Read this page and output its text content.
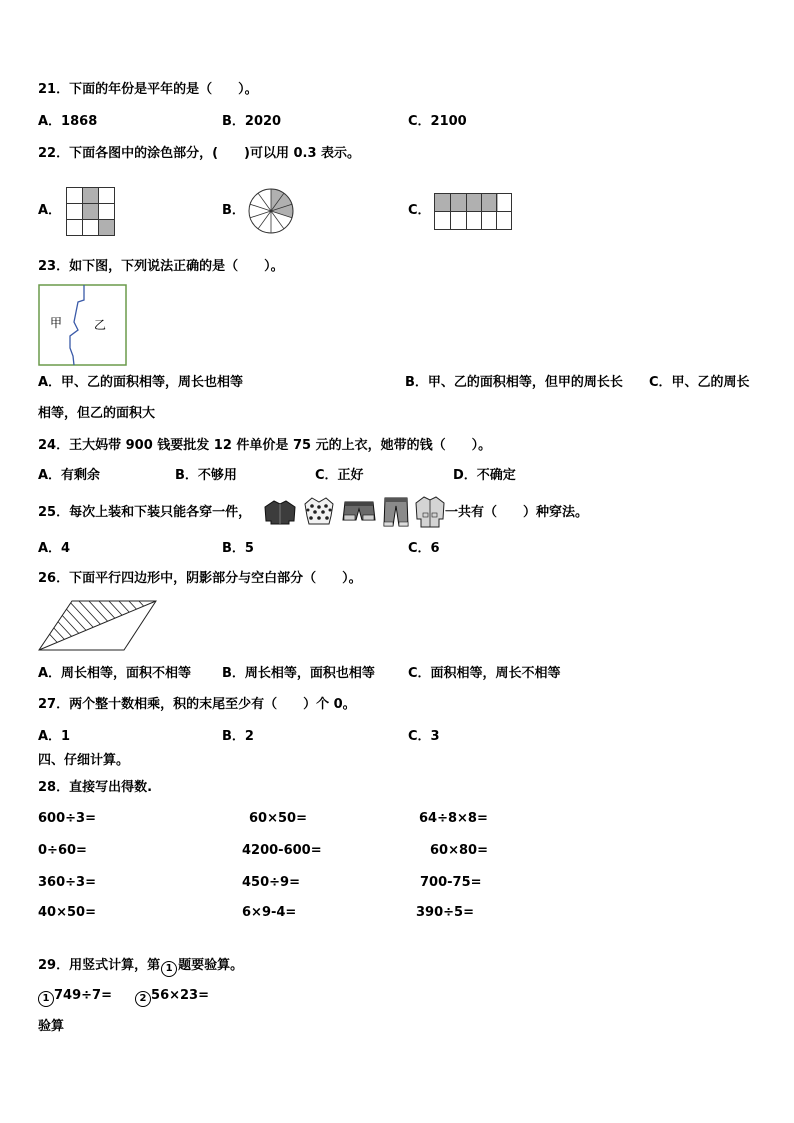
21．下面的年份是平年的是（　　）。
A．1868	B．2020	C．2100
22．下面各图中的涂色部分，(　　)可以用 0.3 表示。
A．	B．	C．
23．如下图，下列说法正确的是（　　）。
甲	乙
A．甲、乙的面积相等，周长也相等	B．甲、乙的面积相等，但甲的周长长 C．甲、乙的周长
相等，但乙的面积大
24．王大妈带 900 钱要批发 12 件单价是 75 元的上衣，她带的钱（　　）。
A．有剩余	B．不够用	C．正好	D．不确定
25．每次上装和下装只能各穿一件，	一共有（　　）种穿法。
A．4	B．5	C．6
26．下面平行四边形中，阴影部分与空白部分（　　）。
A．周长相等，面积不相等 B．周长相等，面积也相等	C．面积相等，周长不相等
27．两个整十数相乘，积的末尾至少有（　　）个 0。
A．1	B．2	C．3
四、仔细计算。
28．直接写出得数.
600÷3=	60×50=	64÷8×8=
0÷60=	4200-600=	60×80=
360÷3=	450÷9=	700-75=
40×50=	6×9-4=	390÷5=
29．用竖式计算，第 1 题要验算。
1 749÷7=	2 56×23=
验算
